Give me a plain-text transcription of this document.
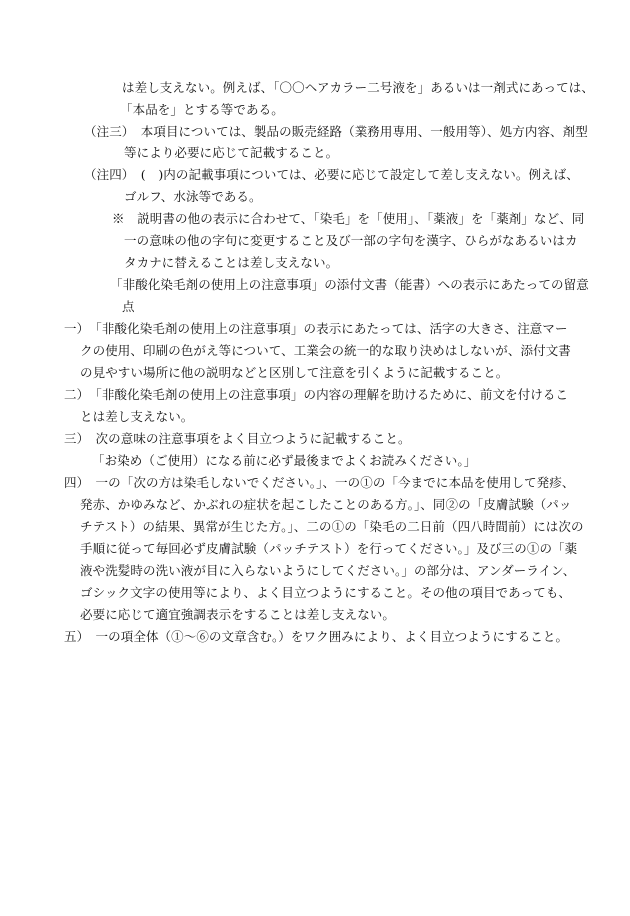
は差し支えない。例えば、「〇〇ヘアカラー二号液を」あるいは一剤式にあっては、
「本品を」とする等である。
（注三）　本項目については、製品の販売経路（業務用専用、一般用等）、処方内容、剤型
等により必要に応じて記載すること。
（注四）　(　)内の記載事項については、必要に応じて設定して差し支えない。例えば、
ゴルフ、水泳等である。
※　説明書の他の表示に合わせて、「染毛」を「使用」、「薬液」を「薬剤」など、同
一の意味の他の字句に変更すること及び一部の字句を漢字、ひらがなあるいはカ
タカナに替えることは差し支えない。
「非酸化染毛剤の使用上の注意事項」の添付文書（能書）への表示にあたっての留意
点
一）　「非酸化染毛剤の使用上の注意事項」の表示にあたっては、活字の大きさ、注意マー
クの使用、印刷の色がえ等について、工業会の統一的な取り決めはしないが、添付文書
の見やすい場所に他の説明などと区別して注意を引くように記載すること。
二）　「非酸化染毛剤の使用上の注意事項」の内容の理解を助けるために、前文を付けるこ
とは差し支えない。
三）　次の意味の注意事項をよく目立つように記載すること。
「お染め（ご使用）になる前に必ず最後までよくお読みください。」
四）　一の「次の方は染毛しないでください。」、一の①の「今までに本品を使用して発疹、
発赤、かゆみなど、かぶれの症状を起こしたことのある方。」、同②の「皮膚試験（パッ
チテスト）の結果、異常が生じた方。」、二の①の「染毛の二日前（四八時間前）には次の
手順に従って毎回必ず皮膚試験（パッチテスト）を行ってください。」及び三の①の「薬
液や洗髪時の洗い液が目に入らないようにしてください。」の部分は、アンダーライン、
ゴシック文字の使用等により、よく目立つようにすること。その他の項目であっても、
必要に応じて適宜強調表示をすることは差し支えない。
五）　一の項全体（①〜⑥の文章含む。）をワク囲みにより、よく目立つようにすること。
